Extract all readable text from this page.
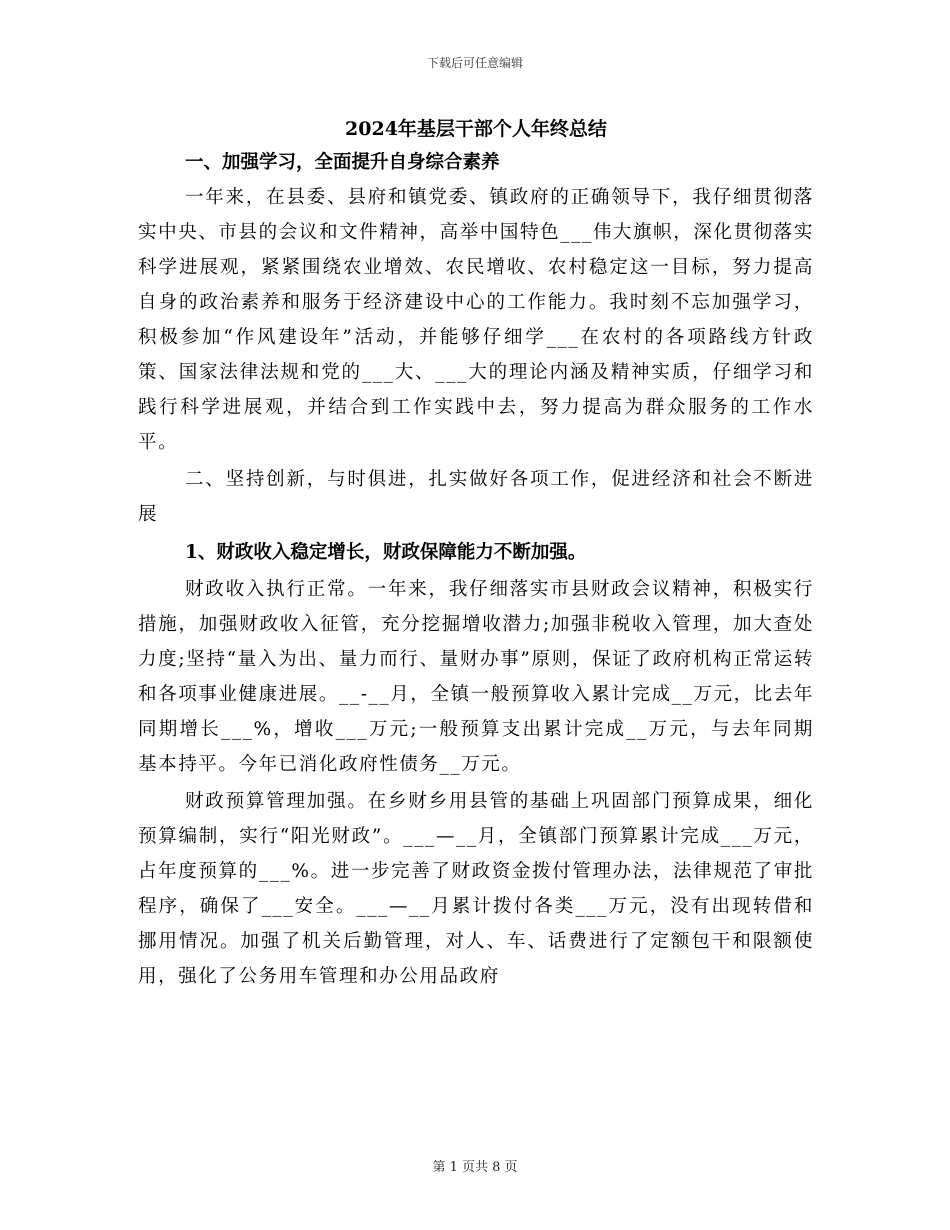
下载后可任意编辑

2024年基层干部个人年终总结

一、加强学习，全面提升自身综合素养

一年来，在县委、县府和镇党委、镇政府的正确领导下，我仔细贯彻落实中央、市县的会议和文件精神，高举中国特色___伟大旗帜，深化贯彻落实科学进展观，紧紧围绕农业增效、农民增收、农村稳定这一目标，努力提高自身的政治素养和服务于经济建设中心的工作能力。我时刻不忘加强学习，积极参加“作风建设年”活动，并能够仔细学___在农村的各项路线方针政策、国家法律法规和党的___大、___大的理论内涵及精神实质，仔细学习和践行科学进展观，并结合到工作实践中去，努力提高为群众服务的工作水平。

二、坚持创新，与时俱进，扎实做好各项工作，促进经济和社会不断进展

1、财政收入稳定增长，财政保障能力不断加强。

财政收入执行正常。一年来，我仔细落实市县财政会议精神，积极实行措施，加强财政收入征管，充分挖掘增收潜力;加强非税收入管理，加大查处力度;坚持“量入为出、量力而行、量财办事”原则，保证了政府机构正常运转和各项事业健康进展。__-__月，全镇一般预算收入累计完成__万元，比去年同期增长___%，增收___万元;一般预算支出累计完成__万元，与去年同期基本持平。今年已消化政府性债务__万元。

财政预算管理加强。在乡财乡用县管的基础上巩固部门预算成果，细化预算编制，实行“阳光财政”。___—__月，全镇部门预算累计完成___万元，占年度预算的___%。进一步完善了财政资金拨付管理办法，法律规范了审批程序，确保了___安全。___—__月累计拨付各类___万元，没有出现转借和挪用情况。加强了机关后勤管理，对人、车、话费进行了定额包干和限额使用，强化了公务用车管理和办公用品政府

第 1 页共 8 页
